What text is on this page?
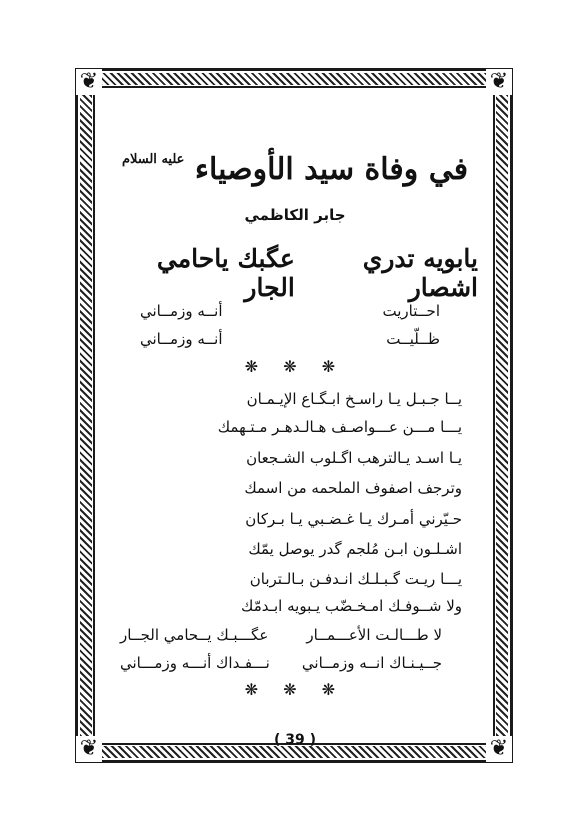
❦	❦
❦	❦
في وفاة سيد الأوصياء $^{عليه السلام}$
جابر الكاظمي
يابويه تدري اشصار
عگبك ياحامي الجار
احــتاريت
أنــه وزمــاني
ظــلّيــت
أنــه وزمــاني
❋ ❋ ❋
يــا جـبـل يـا راسـخ ابـگـاع الإيـمـان
يـــا مـــن عـــواصـف هـالـدهـر مـتـهمك
يـا اسـد يـالترهب اگـلوب الشـجعان
وترجف اصفوف الملحمه من اسمك
حـيّرني أمـرك يـا غـضـبي يـا بـركان
اشـلـون ابـن مُلجم گدر يوصل يمّك
يـــا ريـت گـبـلـك انـدفـن بـالـتربان
ولا شــوفـك امـخـضّب يـبويه ابـدمّك
لا طـــالـت الأعـــمــار
عگـــبـك يــحامي الجــار
جــيـنـاك انــه وزمــاني
نـــفـداك أنـــه وزمـــاني
❋ ❋ ❋
( 39 )
